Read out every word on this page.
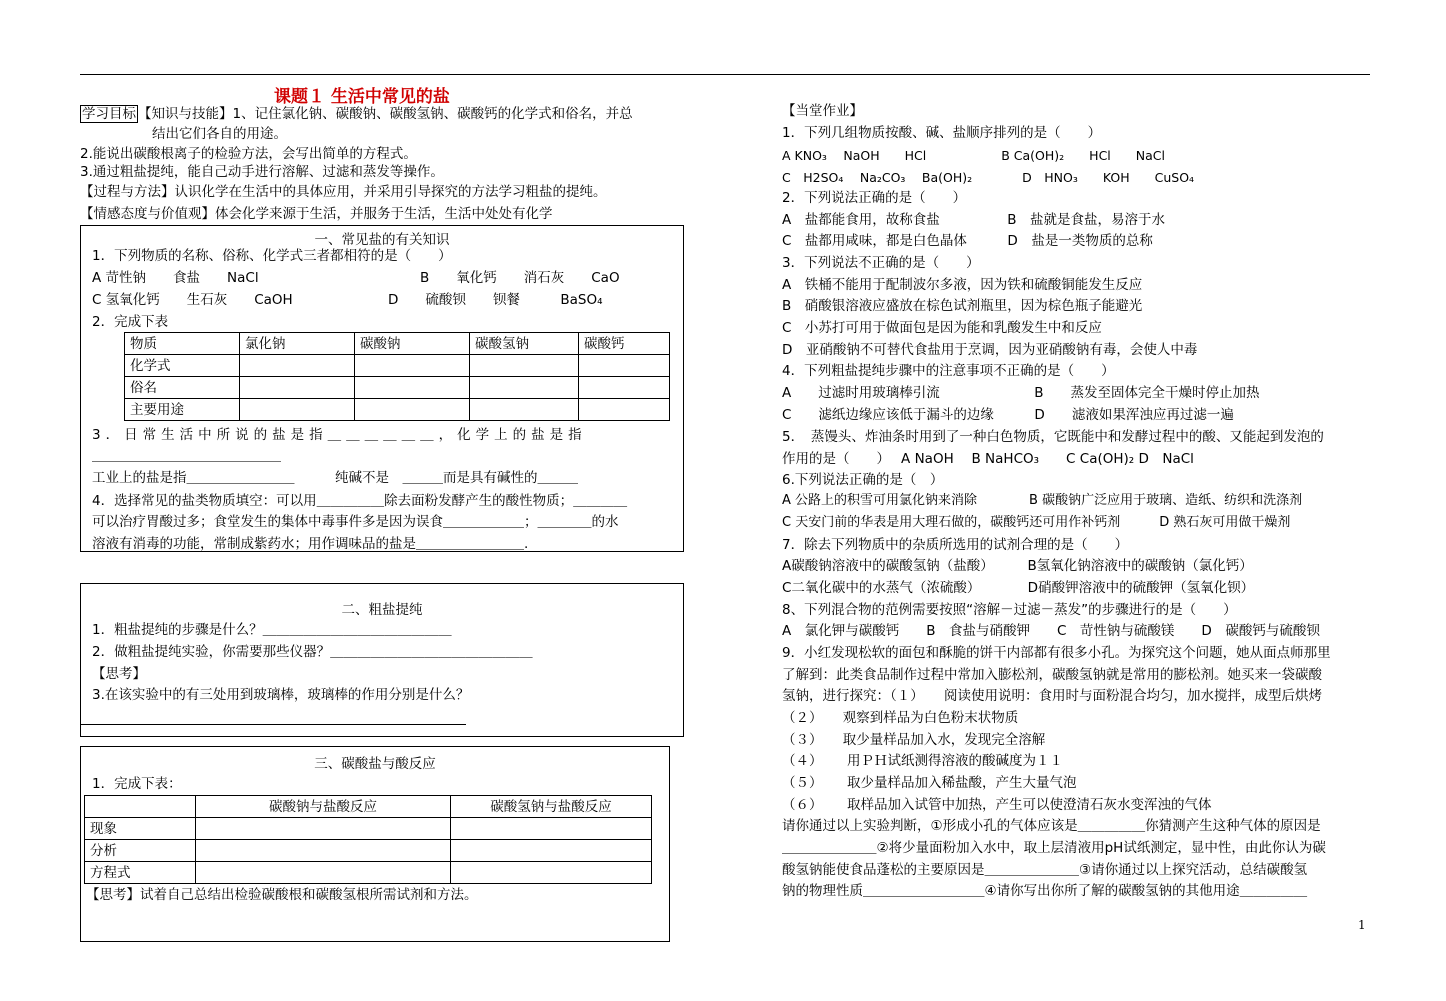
课题１ 生活中常见的盐
学习目标 【知识与技能】1、记住氯化钠、碳酸钠、碳酸氢钠、碳酸钙的化学式和俗名，并总
结出它们各自的用途。
2.能说出碳酸根离子的检验方法，会写出简单的方程式。
3.通过粗盐提纯，能自己动手进行溶解、过滤和蒸发等操作。
【过程与方法】认识化学在生活中的具体应用，并采用引导探究的方法学习粗盐的提纯。
【情感态度与价值观】体会化学来源于生活，并服务于生活，生活中处处有化学
一、常见盐的有关知识
1．下列物质的名称、俗称、化学式三者都相符的是（　　）
A 苛性钠　　食盐　　NaCl	B　　氧化钙　　消石灰　　CaO
C 氢氧化钙　　生石灰　　CaOH	D　　硫酸钡　　钡餐　　　BaSO₄
2．完成下表
物质	氯化钠	碳酸钠	碳酸氢钠	碳酸钙
化学式				
俗名				
主要用途				
3．日常生活中所说的盐是指＿＿＿＿＿＿，化学上的盐是指
＿＿＿＿＿＿＿＿＿＿＿＿＿＿
工业上的盐是指＿＿＿＿＿＿＿＿　　　纯碱不是　＿＿＿而是具有碱性的＿＿＿
4．选择常见的盐类物质填空：可以用＿＿＿＿＿除去面粉发酵产生的酸性物质；＿＿＿＿
可以治疗胃酸过多；食堂发生的集体中毒事件多是因为误食＿＿＿＿＿＿；＿＿＿＿的水
溶液有消毒的功能，常制成紫药水；用作调味品的盐是＿＿＿＿＿＿＿＿.
二、粗盐提纯
1．粗盐提纯的步骤是什么？＿＿＿＿＿＿＿＿＿＿＿＿＿＿
2．做粗盐提纯实验，你需要那些仪器？＿＿＿＿＿＿＿＿＿＿＿＿＿＿＿
【思考】
3.在该实验中的有三处用到玻璃棒，玻璃棒的作用分别是什么？
三、碳酸盐与酸反应
1．完成下表：
	碳酸钠与盐酸反应	碳酸氢钠与盐酸反应
现象		
分析		
方程式		
【思考】试着自己总结出检验碳酸根和碳酸氢根所需试剂和方法。
【当堂作业】
1．下列几组物质按酸、碱、盐顺序排列的是（　　）
A KNO₃　 NaOH　　HCl　　　　　　B Ca(OH)₂　　HCl　　NaCl
C　H2SO₄　 Na₂CO₃　 Ba(OH)₂　　　　D　HNO₃　　KOH　　CuSO₄
2．下列说法正确的是（　　）
A　盐都能食用，故称食盐　　　　　B　盐就是食盐，易溶于水
C　盐都用咸味，都是白色晶体　　　D　盐是一类物质的总称
3．下列说法不正确的是（　　）
A　铁桶不能用于配制波尔多液，因为铁和硫酸铜能发生反应
B　硝酸银溶液应盛放在棕色试剂瓶里，因为棕色瓶子能避光
C　小苏打可用于做面包是因为能和乳酸发生中和反应
D　亚硝酸钠不可替代食盐用于烹调，因为亚硝酸钠有毒，会使人中毒
4．下列粗盐提纯步骤中的注意事项不正确的是（　　）
A　　过滤时用玻璃棒引流　　　　　　　B　　蒸发至固体完全干燥时停止加热
C　　滤纸边缘应该低于漏斗的边缘　　　D　　滤液如果浑浊应再过滤一遍
5．　蒸馒头、炸油条时用到了一种白色物质，它既能中和发酵过程中的酸、又能起到发泡的
作用的是（　　）　 A NaOH　 B NaHCO₃　　C Ca(OH)₂ D　NaCl
6.下列说法正确的是（　）
A 公路上的积雪可用氯化钠来消除　　　　B 碳酸钠广泛应用于玻璃、造纸、纺织和洗涤剂
C 天安门前的华表是用大理石做的，碳酸钙还可用作补钙剂　　　D 熟石灰可用做干燥剂
7．除去下列物质中的杂质所选用的试剂合理的是（　　）
A碳酸钠溶液中的碳酸氢钠（盐酸）　　　B氢氧化钠溶液中的碳酸钠（氯化钙）
C二氧化碳中的水蒸气（浓硫酸）　　　　D硝酸钾溶液中的硫酸钾（氢氧化钡）
8、下列混合物的范例需要按照“溶解－过滤－蒸发”的步骤进行的是（　　）
A　氯化钾与碳酸钙　　B　食盐与硝酸钾　　C　苛性钠与硫酸镁　　D　碳酸钙与硫酸钡
9．小红发现松软的面包和酥脆的饼干内部都有很多小孔。为探究这个问题，她从面点师那里
了解到：此类食品制作过程中常加入膨松剂，碳酸氢钠就是常用的膨松剂。她买来一袋碳酸
氢钠，进行探究：（１）　　阅读使用说明：食用时与面粉混合均匀，加水搅拌，成型后烘烤
（２）　　观察到样品为白色粉末状物质
（３）　　取少量样品加入水，发现完全溶解
（４）　　 用ＰＨ试纸测得溶液的酸碱度为１１
（５）　　 取少量样品加入稀盐酸，产生大量气泡
（６）　　 取样品加入试管中加热，产生可以使澄清石灰水变浑浊的气体
请你通过以上实验判断，①形成小孔的气体应该是＿＿＿＿＿你猜测产生这种气体的原因是
＿＿＿＿＿＿＿②将少量面粉加入水中，取上层清液用pH试纸测定，显中性，由此你认为碳
酸氢钠能使食品蓬松的主要原因是＿＿＿＿＿＿＿③请你通过以上探究活动，总结碳酸氢
钠的物理性质＿＿＿＿＿＿＿＿＿④请你写出你所了解的碳酸氢钠的其他用途＿＿＿＿＿
1
